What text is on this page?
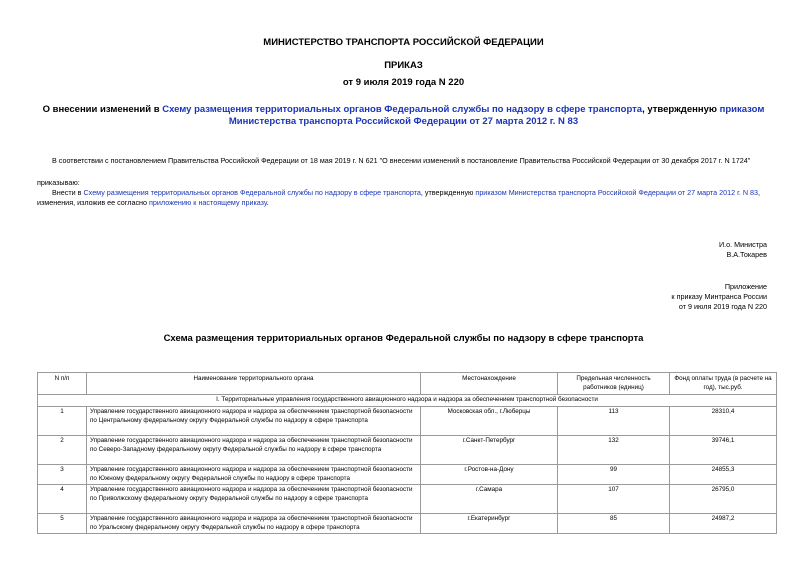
МИНИСТЕРСТВО ТРАНСПОРТА РОССИЙСКОЙ ФЕДЕРАЦИИ
ПРИКАЗ
от 9 июля 2019 года N 220
О внесении изменений в Схему размещения территориальных органов Федеральной службы по надзору в сфере транспорта, утвержденную приказом
Министерства транспорта Российской Федерации от 27 марта 2012 г. N 83
В соответствии с постановлением Правительства Российской Федерации от 18 мая 2019 г. N 621 "О внесении изменений в постановление Правительства Российской Федерации от 30 декабря 2017 г. N 1724"
приказываю:
Внести в Схему размещения территориальных органов Федеральной службы по надзору в сфере транспорта, утвержденную приказом Министерства транспорта Российской Федерации от 27 марта 2012 г. N 83,
изменения, изложив ее согласно приложению к настоящему приказу.
И.о. Министра
В.А.Токарев
Приложение
к приказу Минтранса России
от 9 июля 2019 года N 220
Схема размещения территориальных органов Федеральной службы по надзору в сфере транспорта
N п/п	Наименование территориального органа	Местонахождение	Предельная численность работников (единиц)	Фонд оплаты труда (в расчете на год), тыс.руб.
I. Территориальные управления государственного авиационного надзора и надзора за обеспечением транспортной безопасности				
1	Управление государственного авиационного надзора и надзора за обеспечением транспортной безопасности по Центральному федеральному округу Федеральной службы по надзору в сфере транспорта	Московская обл., г.Люберцы	113	28310,4
2	Управление государственного авиационного надзора и надзора за обеспечением транспортной безопасности по Северо-Западному федеральному округу Федеральной службы по надзору в сфере транспорта	г.Санкт-Петербург	132	39746,1
3	Управление государственного авиационного надзора и надзора за обеспечением транспортной безопасности по Южному федеральному округу Федеральной службы по надзору в сфере транспорта	г.Ростов-на-Дону	99	24855,3
4	Управление государственного авиационного надзора и надзора за обеспечением транспортной безопасности по Приволжскому федеральному округу Федеральной службы по надзору в сфере транспорта	г.Самара	107	26795,0
5	Управление государственного авиационного надзора и надзора за обеспечением транспортной безопасности по Уральскому федеральному округу Федеральной службы по надзору в сфере транспорта	г.Екатеринбург	85	24987,2
